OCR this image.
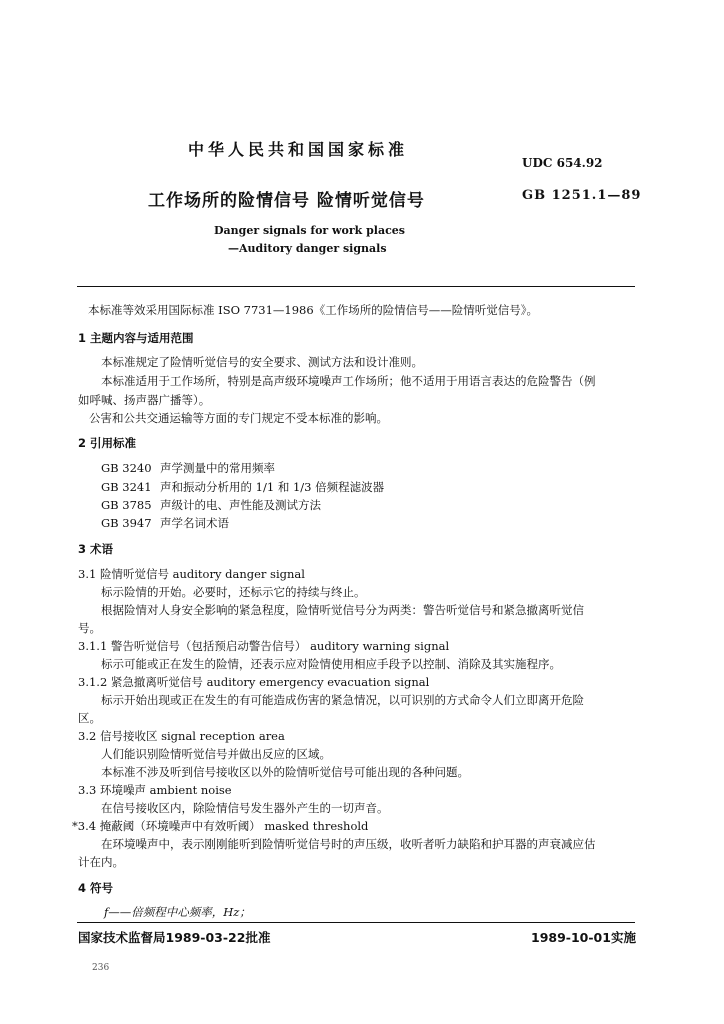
中华人民共和国国家标准
UDC 654.92
工作场所的险情信号 险情听觉信号	GB 1251.1—89
Danger signals for work places
—Auditory danger signals
本标准等效采用国际标准 ISO 7731—1986《工作场所的险情信号——险情听觉信号》。
1 主题内容与适用范围
本标准规定了险情听觉信号的安全要求、测试方法和设计准则。
本标准适用于工作场所，特别是高声级环境噪声工作场所；他不适用于用语言表达的危险警告（例
如呼喊、扬声器广播等）。
公害和公共交通运输等方面的专门规定不受本标准的影响。
2 引用标准
GB 3240 声学测量中的常用频率
GB 3241 声和振动分析用的 1/1 和 1/3 倍频程滤波器
GB 3785 声级计的电、声性能及测试方法
GB 3947 声学名词术语
3 术语
3.1 险情听觉信号 auditory danger signal
标示险情的开始。必要时，还标示它的持续与终止。
根据险情对人身安全影响的紧急程度，险情听觉信号分为两类：警告听觉信号和紧急撤离听觉信
号。
3.1.1 警告听觉信号（包括预启动警告信号） auditory warning signal
标示可能或正在发生的险情，还表示应对险情使用相应手段予以控制、消除及其实施程序。
3.1.2 紧急撤离听觉信号 auditory emergency evacuation signal
标示开始出现或正在发生的有可能造成伤害的紧急情况，以可识别的方式命令人们立即离开危险
区。
3.2 信号接收区 signal reception area
人们能识别险情听觉信号并做出反应的区域。
本标准不涉及听到信号接收区以外的险情听觉信号可能出现的各种问题。
3.3 环境噪声 ambient noise
在信号接收区内，除险情信号发生器外产生的一切声音。
*3.4 掩蔽阈（环境噪声中有效听阈） masked threshold
在环境噪声中，表示刚刚能听到险情听觉信号时的声压级，收听者听力缺陷和护耳器的声衰减应估
计在内。
4 符号
f——倍频程中心频率，Hz；
国家技术监督局1989-03-22批准	1989-10-01实施
236
